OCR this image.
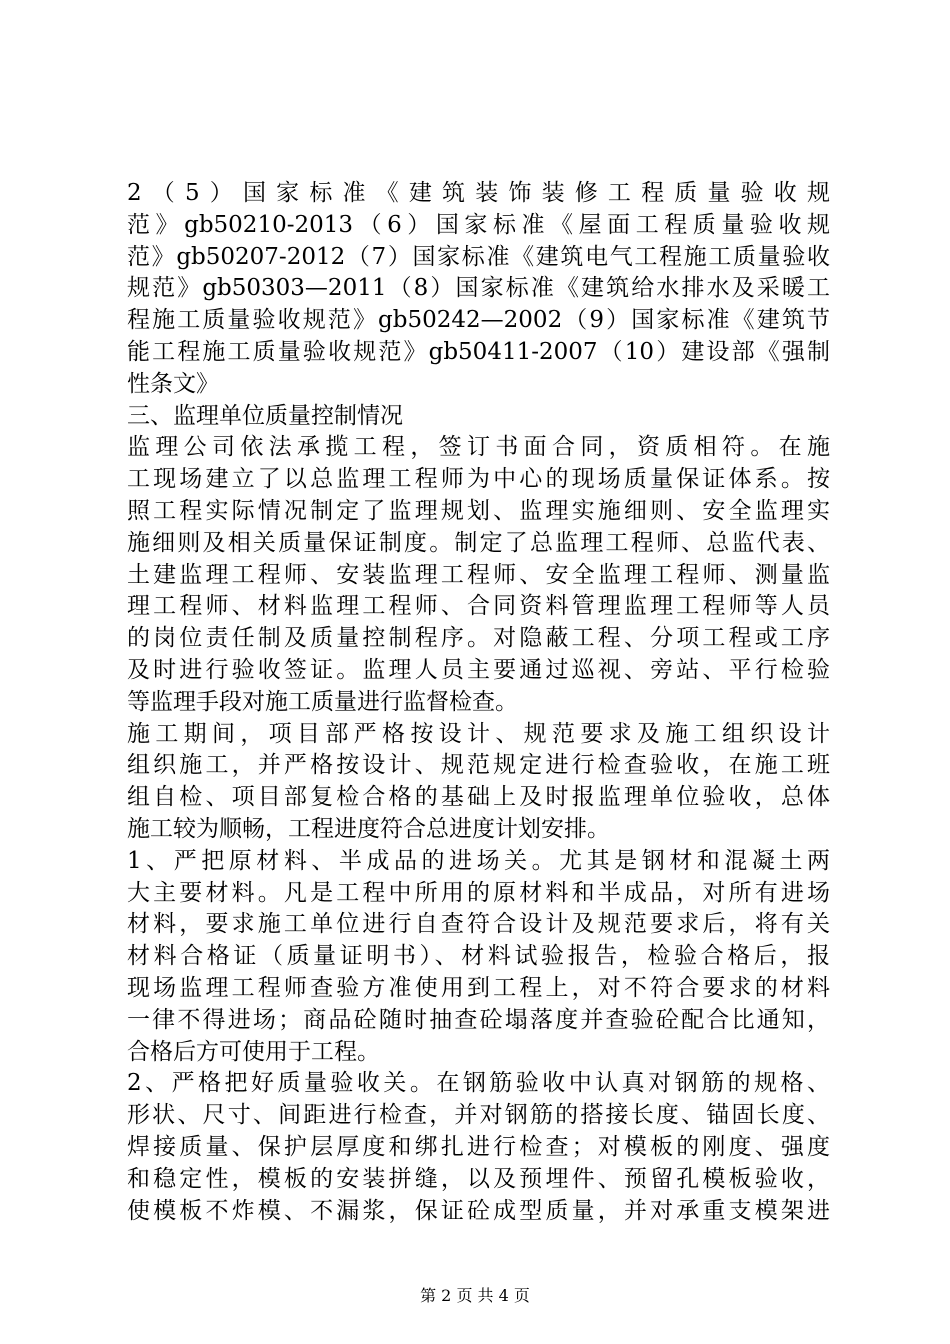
2（5）国家标准《建筑装饰装修工程质量验收规
范》gb50210-2013（6）国家标准《屋面工程质量验收规
范》gb50207-2012（7）国家标准《建筑电气工程施工质量验收
规范》gb50303—2011（8）国家标准《建筑给水排水及采暖工
程施工质量验收规范》gb50242—2002（9）国家标准《建筑节
能工程施工质量验收规范》gb50411-2007（10）建设部《强制
性条文》
三、监理单位质量控制情况
监理公司依法承揽工程，签订书面合同，资质相符。在施
工现场建立了以总监理工程师为中心的现场质量保证体系。按
照工程实际情况制定了监理规划、监理实施细则、安全监理实
施细则及相关质量保证制度。制定了总监理工程师、总监代表、
土建监理工程师、安装监理工程师、安全监理工程师、测量监
理工程师、材料监理工程师、合同资料管理监理工程师等人员
的岗位责任制及质量控制程序。对隐蔽工程、分项工程或工序
及时进行验收签证。监理人员主要通过巡视、旁站、平行检验
等监理手段对施工质量进行监督检查。
施工期间，项目部严格按设计、规范要求及施工组织设计
组织施工，并严格按设计、规范规定进行检查验收，在施工班
组自检、项目部复检合格的基础上及时报监理单位验收，总体
施工较为顺畅，工程进度符合总进度计划安排。
1、严把原材料、半成品的进场关。尤其是钢材和混凝土两
大主要材料。凡是工程中所用的原材料和半成品，对所有进场
材料，要求施工单位进行自查符合设计及规范要求后，将有关
材料合格证（质量证明书）、材料试验报告，检验合格后，报
现场监理工程师查验方准使用到工程上，对不符合要求的材料
一律不得进场；商品砼随时抽查砼塌落度并查验砼配合比通知，
合格后方可使用于工程。
2、严格把好质量验收关。在钢筋验收中认真对钢筋的规格、
形状、尺寸、间距进行检查，并对钢筋的搭接长度、锚固长度、
焊接质量、保护层厚度和绑扎进行检查；对模板的刚度、强度
和稳定性，模板的安装拼缝，以及预埋件、预留孔模板验收，
使模板不炸模、不漏浆，保证砼成型质量，并对承重支模架进
第 2 页 共 4 页
